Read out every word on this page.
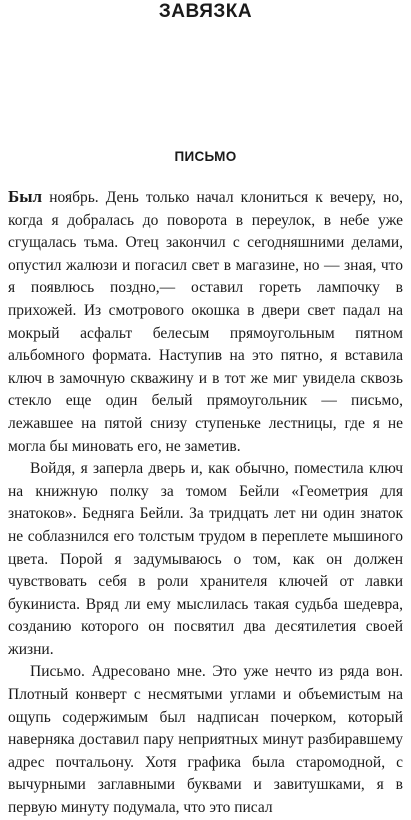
ЗАВЯЗКА
ПИСЬМО

Был ноябрь. День только начал клониться к вечеру, но, когда я добралась до поворота в переулок, в небе уже сгущалась тьма. Отец закончил с сегодняшними делами, опустил жалюзи и погасил свет в магазине, но — зная, что я появлюсь поздно,— оставил гореть лампочку в прихожей. Из смотрового окошка в двери свет падал на мокрый асфальт белесым прямоугольным пятном альбомного формата. Наступив на это пятно, я вставила ключ в замочную скважину и в тот же миг увидела сквозь стекло еще один белый прямоугольник — письмо, лежавшее на пятой снизу ступеньке лестницы, где я не могла бы миновать его, не заметив.

Войдя, я заперла дверь и, как обычно, поместила ключ на книжную полку за томом Бейли «Геометрия для знатоков». Бедняга Бейли. За тридцать лет ни один знаток не соблазнился его толстым трудом в переплете мышиного цвета. Порой я задумываюсь о том, как он должен чувствовать себя в роли хранителя ключей от лавки букиниста. Вряд ли ему мыслилась такая судьба шедевра, созданию которого он посвятил два десятилетия своей жизни.

Письмо. Адресовано мне. Это уже нечто из ряда вон. Плотный конверт с несмятыми углами и объемистым на ощупь содержимым был надписан почерком, который наверняка доставил пару неприятных минут разбиравшему адрес почтальону. Хотя графика была старомодной, с вычурными заглавными буквами и завитушками, я в первую минуту подумала, что это писал
